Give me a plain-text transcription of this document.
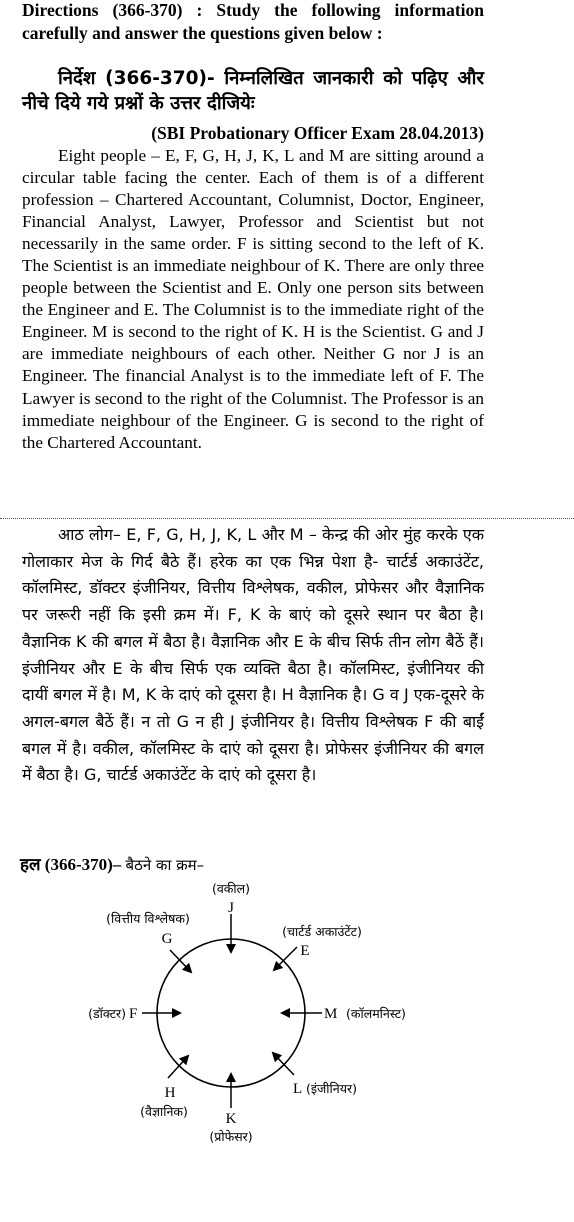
Directions (366-370) : Study the following information carefully and answer the questions given below :

निर्देश (366-370)- निम्नलिखित जानकारी को पढ़िए और नीचे दिये गये प्रश्नों के उत्तर दीजियेः

(SBI Probationary Officer Exam 28.04.2013)

Eight people – E, F, G, H, J, K, L and M are sitting around a circular table facing the center. Each of them is of a different profession – Chartered Accountant, Columnist, Doctor, Engineer, Financial Analyst, Lawyer, Professor and Scientist but not necessarily in the same order. F is sitting second to the left of K. The Scientist is an immediate neighbour of K. There are only three people between the Scientist and E. Only one person sits between the Engineer and E. The Columnist is to the immediate right of the Engineer. M is second to the right of K. H is the Scientist. G and J are immediate neighbours of each other. Neither G nor J is an Engineer. The financial Analyst is to the immediate left of F. The Lawyer is second to the right of the Columnist. The Professor is an immediate neighbour of the Engineer. G is second to the right of the Chartered Accountant.

आठ लोग– E, F, G, H, J, K, L और M – केन्द्र की ओर मुंह करके एक गोलाकार मेज के गिर्द बैठे हैं। हरेक का एक भिन्न पेशा है- चार्टर्ड अकाउंटेंट, कॉलमिस्ट, डॉक्टर इंजीनियर, वित्तीय विश्लेषक, वकील, प्रोफेसर और वैज्ञानिक पर जरूरी नहीं कि इसी क्रम में। F, K के बाएं को दूसरे स्थान पर बैठा है। वैज्ञानिक K की बगल में बैठा है। वैज्ञानिक और E के बीच सिर्फ तीन लोग बैठें हैं। इंजीनियर और E के बीच सिर्फ एक व्यक्ति बैठा है। कॉलमिस्ट, इंजीनियर की दायीं बगल में है। M, K के दाएं को दूसरा है। H वैज्ञानिक है। G व J एक-दूसरे के अगल-बगल बैठें हैं। न तो G न ही J इंजीनियर है। वित्तीय विश्लेषक F की बाईं बगल में है। वकील, कॉलमिस्ट के दाएं को दूसरा है। प्रोफेसर इंजीनियर की बगल में बैठा है। G, चार्टर्ड अकाउंटेंट के दाएं को दूसरा है।

हल (366-370)– बैठने का क्रम–

(वकील)
J
(चार्टर्ड अकाउंटेंट)
E
M (कॉलमनिस्ट)
L (इंजीनियर)
K
(प्रोफेसर)
H
(वैज्ञानिक)
(डॉक्टर) F
(वित्तीय विश्लेषक)
G
